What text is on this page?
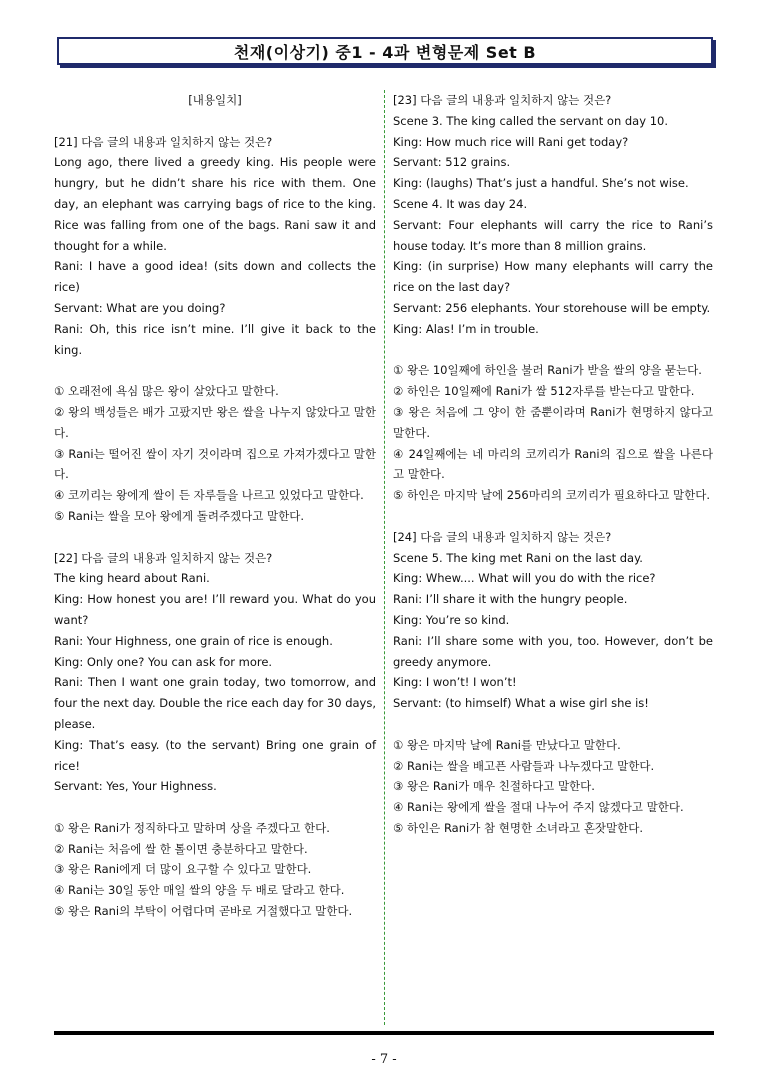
천재(이상기) 중1 - 4과 변형문제 Set B

[내용일치]

[21] 다음 글의 내용과 일치하지 않는 것은?

Long ago, there lived a greedy king. His people were hungry, but he didn’t share his rice with them. One day, an elephant was carrying bags of rice to the king. Rice was falling from one of the bags. Rani saw it and thought for a while.

Rani: I have a good idea! (sits down and collects the rice)

Servant: What are you doing?

Rani: Oh, this rice isn’t mine. I’ll give it back to the king.

① 오래전에 욕심 많은 왕이 살았다고 말한다.

② 왕의 백성들은 배가 고팠지만 왕은 쌀을 나누지 않았다고 말한다.

③ Rani는 떨어진 쌀이 자기 것이라며 집으로 가져가겠다고 말한다.

④ 코끼리는 왕에게 쌀이 든 자루들을 나르고 있었다고 말한다.

⑤ Rani는 쌀을 모아 왕에게 돌려주겠다고 말한다.

[22] 다음 글의 내용과 일치하지 않는 것은?

The king heard about Rani.

King: How honest you are! I’ll reward you. What do you want?

Rani: Your Highness, one grain of rice is enough.

King: Only one? You can ask for more.

Rani: Then I want one grain today, two tomorrow, and four the next day. Double the rice each day for 30 days, please.

King: That’s easy. (to the servant) Bring one grain of rice!

Servant: Yes, Your Highness.

① 왕은 Rani가 정직하다고 말하며 상을 주겠다고 한다.

② Rani는 처음에 쌀 한 톨이면 충분하다고 말한다.

③ 왕은 Rani에게 더 많이 요구할 수 있다고 말한다.

④ Rani는 30일 동안 매일 쌀의 양을 두 배로 달라고 한다.

⑤ 왕은 Rani의 부탁이 어렵다며 곧바로 거절했다고 말한다.

[23] 다음 글의 내용과 일치하지 않는 것은?

Scene 3. The king called the servant on day 10.

King: How much rice will Rani get today?

Servant: 512 grains.

King: (laughs) That’s just a handful. She’s not wise.

Scene 4. It was day 24.

Servant: Four elephants will carry the rice to Rani’s house today. It’s more than 8 million grains.

King: (in surprise) How many elephants will carry the rice on the last day?

Servant: 256 elephants. Your storehouse will be empty.

King: Alas! I’m in trouble.

① 왕은 10일째에 하인을 불러 Rani가 받을 쌀의 양을 묻는다.

② 하인은 10일째에 Rani가 쌀 512자루를 받는다고 말한다.

③ 왕은 처음에 그 양이 한 줌뿐이라며 Rani가 현명하지 않다고 말한다.

④ 24일째에는 네 마리의 코끼리가 Rani의 집으로 쌀을 나른다고 말한다.

⑤ 하인은 마지막 날에 256마리의 코끼리가 필요하다고 말한다.

[24] 다음 글의 내용과 일치하지 않는 것은?

Scene 5. The king met Rani on the last day.

King: Whew.... What will you do with the rice?

Rani: I’ll share it with the hungry people.

King: You’re so kind.

Rani: I’ll share some with you, too. However, don’t be greedy anymore.

King: I won’t! I won’t!

Servant: (to himself) What a wise girl she is!

① 왕은 마지막 날에 Rani를 만났다고 말한다.

② Rani는 쌀을 배고픈 사람들과 나누겠다고 말한다.

③ 왕은 Rani가 매우 친절하다고 말한다.

④ Rani는 왕에게 쌀을 절대 나누어 주지 않겠다고 말한다.

⑤ 하인은 Rani가 참 현명한 소녀라고 혼잣말한다.

- 7 -
